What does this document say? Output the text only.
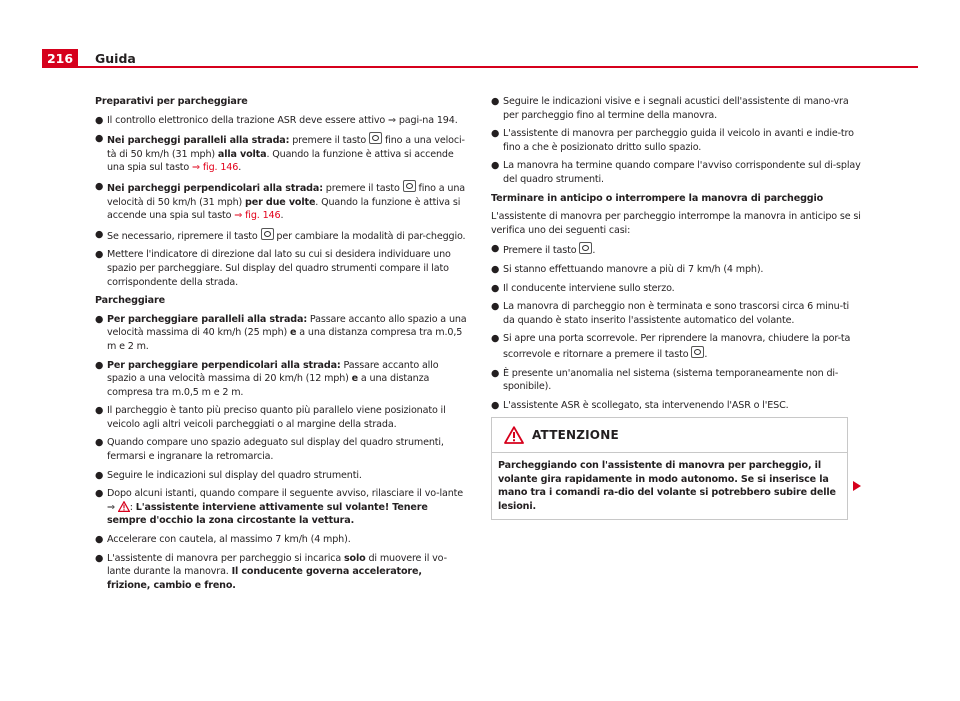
216	Guida

Preparativi per parcheggiare

● Il controllo elettronico della trazione ASR deve essere attivo ⇒ pagi-na 194.

● Nei parcheggi paralleli alla strada: premere il tasto  fino a una veloci-tà di 50 km/h (31 mph) alla volta. Quando la funzione è attiva si accende una spia sul tasto ⇒ fig. 146.

● Nei parcheggi perpendicolari alla strada: premere il tasto  fino a una velocità di 50 km/h (31 mph) per due volte. Quando la funzione è attiva si accende una spia sul tasto ⇒ fig. 146.

● Se necessario, ripremere il tasto  per cambiare la modalità di par-cheggio.

● Mettere l'indicatore di direzione dal lato su cui si desidera individuare uno spazio per parcheggiare. Sul display del quadro strumenti compare il lato corrispondente della strada.

Parcheggiare

● Per parcheggiare paralleli alla strada: Passare accanto allo spazio a una velocità massima di 40 km/h (25 mph) e a una distanza compresa tra m.0,5 m e 2 m.

● Per parcheggiare perpendicolari alla strada: Passare accanto allo spazio a una velocità massima di 20 km/h (12 mph) e a una distanza compresa tra m.0,5 m e 2 m.

● Il parcheggio è tanto più preciso quanto più parallelo viene posizionato il veicolo agli altri veicoli parcheggiati o al margine della strada.

● Quando compare uno spazio adeguato sul display del quadro strumenti, fermarsi e ingranare la retromarcia.

● Seguire le indicazioni sul display del quadro strumenti.

● Dopo alcuni istanti, quando compare il seguente avviso, rilasciare il vo-lante ⇒ : L'assistente interviene attivamente sul volante! Tenere sempre d'occhio la zona circostante la vettura.

● Accelerare con cautela, al massimo 7 km/h (4 mph).

● L'assistente di manovra per parcheggio si incarica solo di muovere il vo-lante durante la manovra. Il conducente governa acceleratore, frizione, cambio e freno.

● Seguire le indicazioni visive e i segnali acustici dell'assistente di mano-vra per parcheggio fino al termine della manovra.

● L'assistente di manovra per parcheggio guida il veicolo in avanti e indie-tro fino a che è posizionato dritto sullo spazio.

● La manovra ha termine quando compare l'avviso corrispondente sul di-splay del quadro strumenti.

Terminare in anticipo o interrompere la manovra di parcheggio

L'assistente di manovra per parcheggio interrompe la manovra in anticipo se si verifica uno dei seguenti casi:

● Premere il tasto .

● Si stanno effettuando manovre a più di 7 km/h (4 mph).

● Il conducente interviene sullo sterzo.

● La manovra di parcheggio non è terminata e sono trascorsi circa 6 minu-ti da quando è stato inserito l'assistente automatico del volante.

● Si apre una porta scorrevole. Per riprendere la manovra, chiudere la por-ta scorrevole e ritornare a premere il tasto .

● È presente un'anomalia nel sistema (sistema temporaneamente non di-sponibile).

● L'assistente ASR è scollegato, sta intervenendo l'ASR o l'ESC.

ATTENZIONE
Parcheggiando con l'assistente di manovra per parcheggio, il volante gira rapidamente in modo autonomo. Se si inserisce la mano tra i comandi ra-dio del volante si potrebbero subire delle lesioni.
